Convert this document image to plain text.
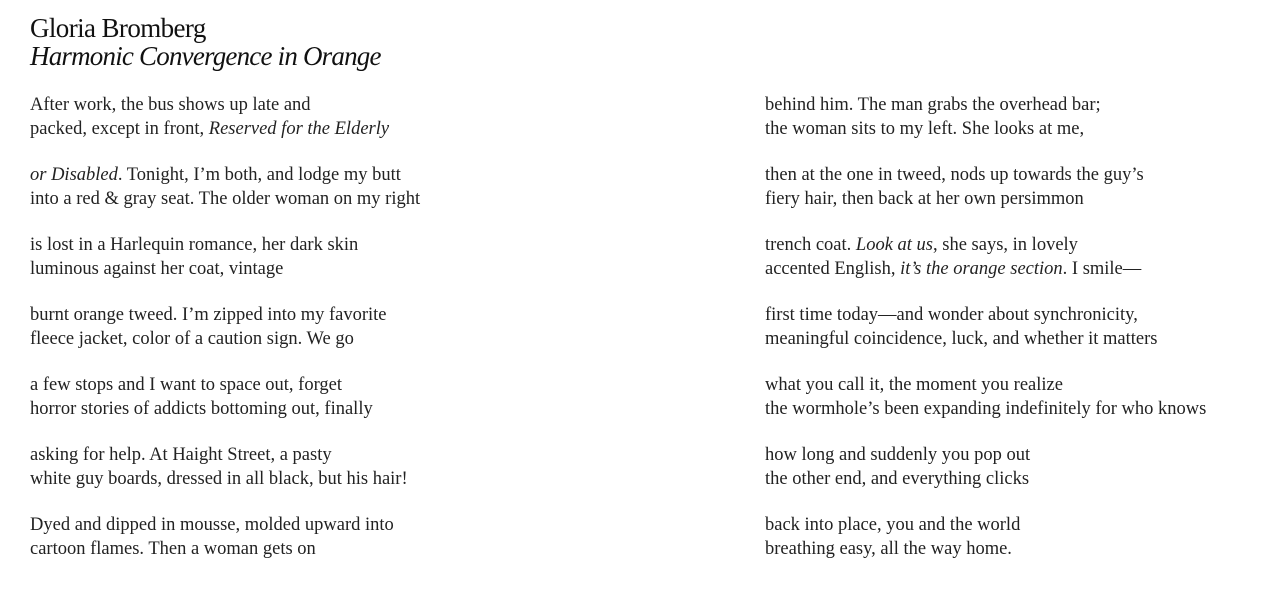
Gloria Bromberg
Harmonic Convergence in Orange
After work, the bus shows up late and
packed, except in front, Reserved for the Elderly
or Disabled. Tonight, I’m both, and lodge my butt
into a red & gray seat. The older woman on my right
is lost in a Harlequin romance, her dark skin
luminous against her coat, vintage
burnt orange tweed. I’m zipped into my favorite
fleece jacket, color of a caution sign. We go
a few stops and I want to space out, forget
horror stories of addicts bottoming out, finally
asking for help. At Haight Street, a pasty
white guy boards, dressed in all black, but his hair!
Dyed and dipped in mousse, molded upward into
cartoon flames. Then a woman gets on
behind him. The man grabs the overhead bar;
the woman sits to my left. She looks at me,
then at the one in tweed, nods up towards the guy’s
fiery hair, then back at her own persimmon
trench coat. Look at us, she says, in lovely
accented English, it’s the orange section. I smile—
first time today—and wonder about synchronicity,
meaningful coincidence, luck, and whether it matters
what you call it, the moment you realize
the wormhole’s been expanding indefinitely for who knows
how long and suddenly you pop out
the other end, and everything clicks
back into place, you and the world
breathing easy, all the way home.
